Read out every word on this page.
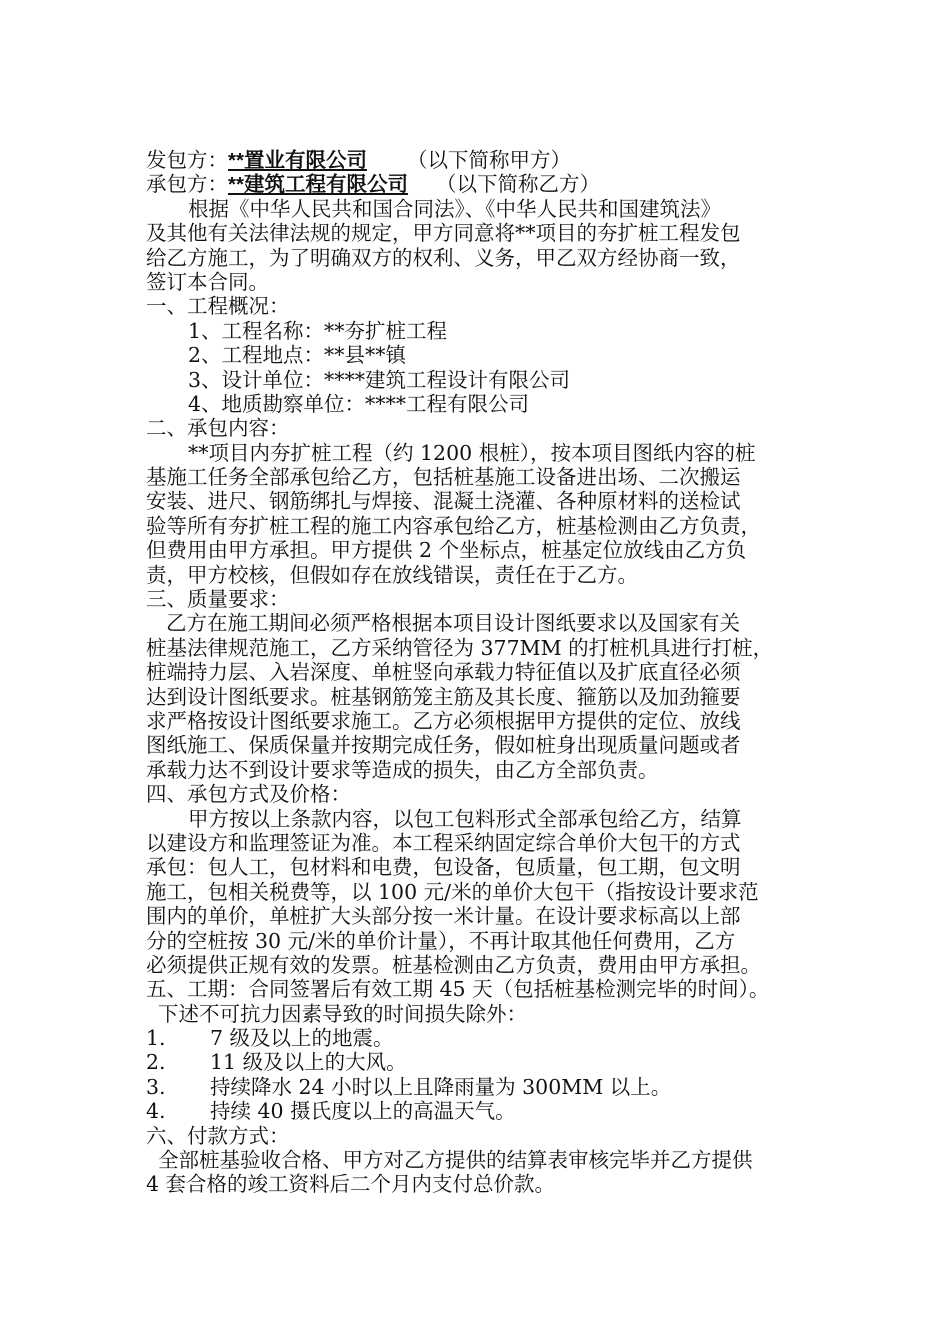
发包方：**置业有限公司 （以下简称甲方）
承包方：**建筑工程有限公司 （以下简称乙方）
根据《中华人民共和国合同法》、《中华人民共和国建筑法》
及其他有关法律法规的规定，甲方同意将**项目的夯扩桩工程发包
给乙方施工，为了明确双方的权利、义务，甲乙双方经协商一致，
签订本合同。
一、工程概况：
1、工程名称：**夯扩桩工程
2、工程地点：**县**镇
3、设计单位：****建筑工程设计有限公司
4、地质勘察单位：****工程有限公司
二、承包内容：
**项目内夯扩桩工程（约 1200 根桩），按本项目图纸内容的桩
基施工任务全部承包给乙方，包括桩基施工设备进出场、二次搬运
安装、进尺、钢筋绑扎与焊接、混凝土浇灌、各种原材料的送检试
验等所有夯扩桩工程的施工内容承包给乙方，桩基检测由乙方负责，
但费用由甲方承担。甲方提供 2 个坐标点，桩基定位放线由乙方负
责，甲方校核，但假如存在放线错误，责任在于乙方。
三、质量要求：
乙方在施工期间必须严格根据本项目设计图纸要求以及国家有关
桩基法律规范施工，乙方采纳管径为 377MM 的打桩机具进行打桩，
桩端持力层、入岩深度、单桩竖向承载力特征值以及扩底直径必须
达到设计图纸要求。桩基钢筋笼主筋及其长度、箍筋以及加劲箍要
求严格按设计图纸要求施工。乙方必须根据甲方提供的定位、放线
图纸施工、保质保量并按期完成任务，假如桩身出现质量问题或者
承载力达不到设计要求等造成的损失，由乙方全部负责。
四、承包方式及价格：
甲方按以上条款内容，以包工包料形式全部承包给乙方，结算
以建设方和监理签证为准。本工程采纳固定综合单价大包干的方式
承包：包人工，包材料和电费，包设备，包质量，包工期，包文明
施工，包相关税费等，以 100 元/米的单价大包干（指按设计要求范
围内的单价，单桩扩大头部分按一米计量。在设计要求标高以上部
分的空桩按 30 元/米的单价计量），不再计取其他任何费用，乙方
必须提供正规有效的发票。桩基检测由乙方负责，费用由甲方承担。
五、工期：合同签署后有效工期 45 天（包括桩基检测完毕的时间）。
下述不可抗力因素导致的时间损失除外：
1. 7 级及以上的地震。
2. 11 级及以上的大风。
3. 持续降水 24 小时以上且降雨量为 300MM 以上。
4. 持续 40 摄氏度以上的高温天气。
六、付款方式：
全部桩基验收合格、甲方对乙方提供的结算表审核完毕并乙方提供
4 套合格的竣工资料后二个月内支付总价款。
